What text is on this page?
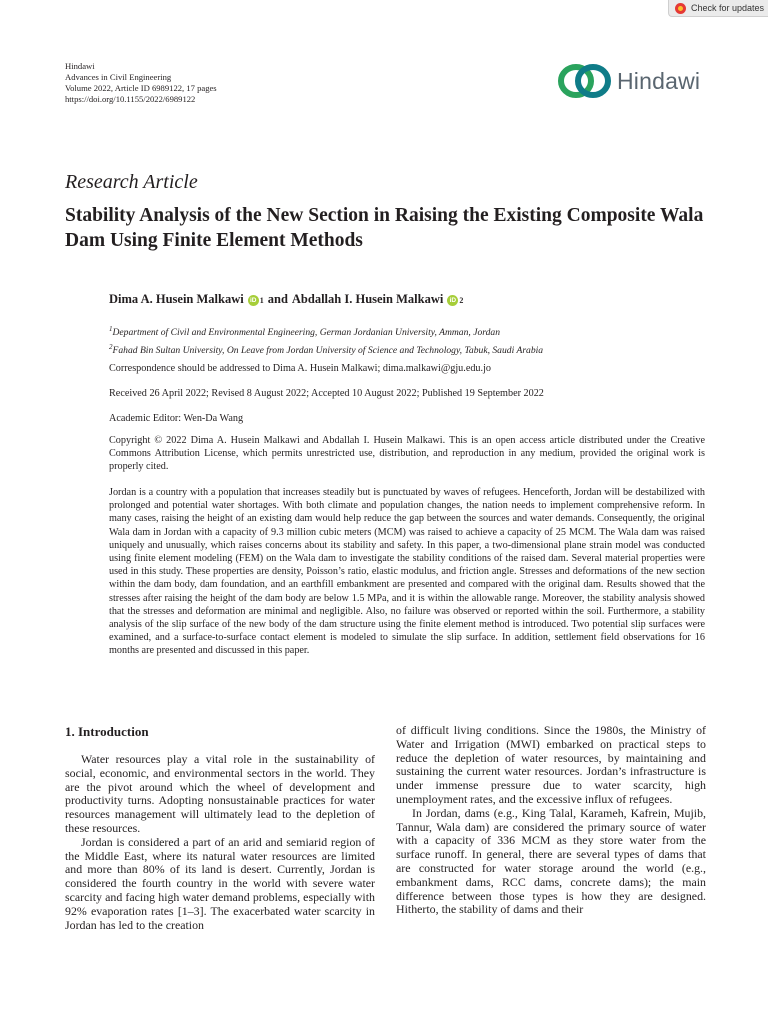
Check for updates
Hindawi
Advances in Civil Engineering
Volume 2022, Article ID 6989122, 17 pages
https://doi.org/10.1155/2022/6989122
Hindawi
Research Article
Stability Analysis of the New Section in Raising the Existing Composite Wala Dam Using Finite Element Methods
Dima A. Husein Malkawi iD 1 and Abdallah I. Husein Malkawi iD 2
$^1$Department of Civil and Environmental Engineering, German Jordanian University, Amman, Jordan
$^2$Fahad Bin Sultan University, On Leave from Jordan University of Science and Technology, Tabuk, Saudi Arabia
Correspondence should be addressed to Dima A. Husein Malkawi; dima.malkawi@gju.edu.jo
Received 26 April 2022; Revised 8 August 2022; Accepted 10 August 2022; Published 19 September 2022
Academic Editor: Wen-Da Wang
Copyright © 2022 Dima A. Husein Malkawi and Abdallah I. Husein Malkawi. This is an open access article distributed under the Creative Commons Attribution License, which permits unrestricted use, distribution, and reproduction in any medium, provided the original work is properly cited.
Jordan is a country with a population that increases steadily but is punctuated by waves of refugees. Henceforth, Jordan will be destabilized with prolonged and potential water shortages. With both climate and population changes, the nation needs to implement comprehensive reform. In many cases, raising the height of an existing dam would help reduce the gap between the sources and water demands. Consequently, the original Wala dam in Jordan with a capacity of 9.3 million cubic meters (MCM) was raised to achieve a capacity of 25 MCM. The Wala dam was raised uniquely and unusually, which raises concerns about its stability and safety. In this paper, a two-dimensional plane strain model was conducted using finite element modeling (FEM) on the Wala dam to investigate the stability conditions of the raised dam. Several material properties were used in this study. These properties are density, Poisson’s ratio, elastic modulus, and friction angle. Stresses and deformations of the new section within the dam body, dam foundation, and an earthfill embankment are presented and compared with the original dam. Results showed that the stresses after raising the height of the dam body are below 1.5 MPa, and it is within the allowable range. Moreover, the stability analysis showed that the stresses and deformation are minimal and negligible. Also, no failure was observed or reported within the soil. Furthermore, a stability analysis of the slip surface of the new body of the dam structure using the finite element method is introduced. Two potential slip surfaces were examined, and a surface-to-surface contact element is modeled to simulate the slip surface. In addition, settlement field observations for 16 months are presented and discussed in this paper.
1. Introduction

Water resources play a vital role in the sustainability of social, economic, and environmental sectors in the world. They are the pivot around which the wheel of development and productivity turns. Adopting nonsustainable practices for water resources management will ultimately lead to the depletion of these resources.

Jordan is considered a part of an arid and semiarid region of the Middle East, where its natural water resources are limited and more than 80% of its land is desert. Currently, Jordan is considered the fourth country in the world with severe water scarcity and facing high water demand problems, especially with 92% evaporation rates [1–3]. The exacerbated water scarcity in Jordan has led to the creation

of difficult living conditions. Since the 1980s, the Ministry of Water and Irrigation (MWI) embarked on practical steps to reduce the depletion of water resources, by maintaining and sustaining the current water resources. Jordan’s infrastructure is under immense pressure due to water scarcity, high unemployment rates, and the excessive influx of refugees.

In Jordan, dams (e.g., King Talal, Karameh, Kafrein, Mujib, Tannur, Wala dam) are considered the primary source of water with a capacity of 336 MCM as they store water from the surface runoff. In general, there are several types of dams that are constructed for water storage around the world (e.g., embankment dams, RCC dams, concrete dams); the main difference between those types is how they are designed. Hitherto, the stability of dams and their
